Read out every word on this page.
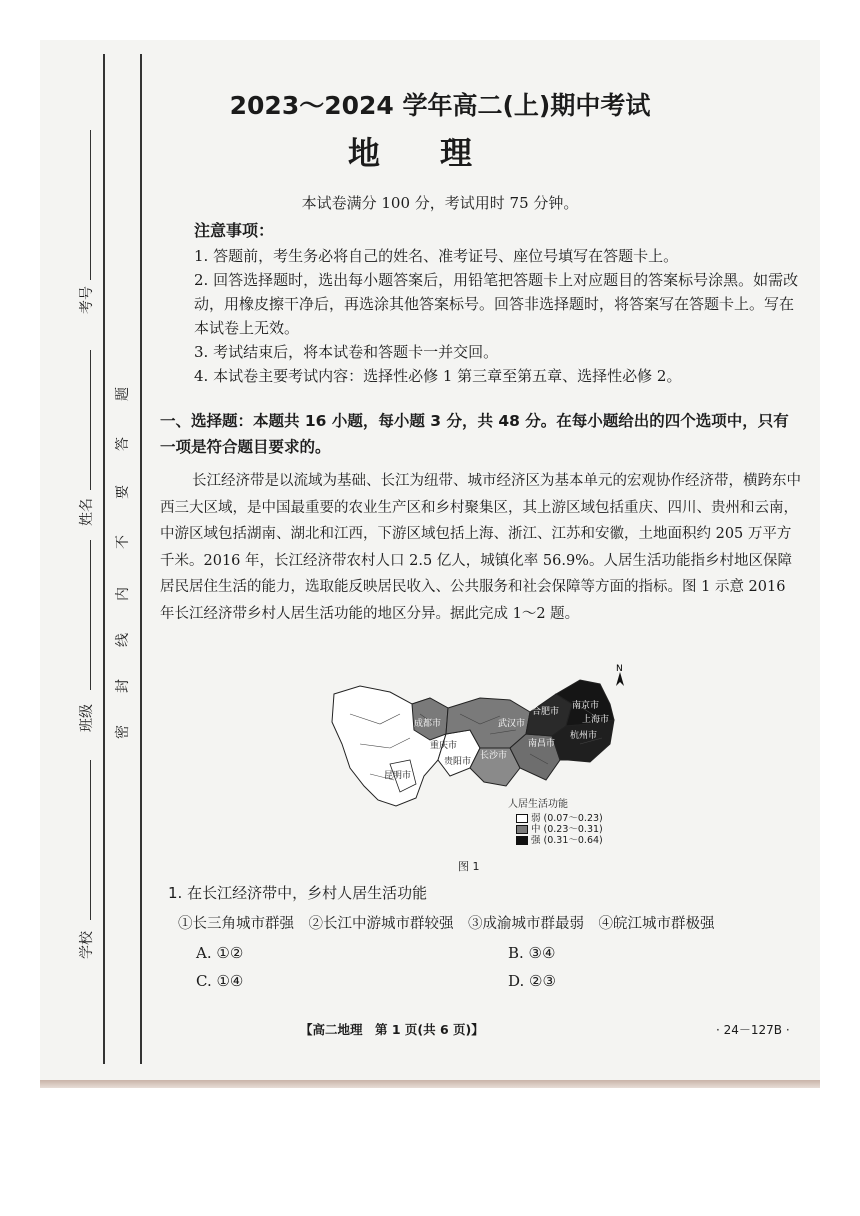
考号
姓名
班级
学校
密
封
线
内
不
要
答
题
2023～2024 学年高二(上)期中考试
地理
本试卷满分 100 分，考试用时 75 分钟。
注意事项：
1. 答题前，考生务必将自己的姓名、准考证号、座位号填写在答题卡上。
2. 回答选择题时，选出每小题答案后，用铅笔把答题卡上对应题目的答案标号涂黑。如需改动，用橡皮擦干净后，再选涂其他答案标号。回答非选择题时，将答案写在答题卡上。写在本试卷上无效。
3. 考试结束后，将本试卷和答题卡一并交回。
4. 本试卷主要考试内容：选择性必修 1 第三章至第五章、选择性必修 2。
一、选择题：本题共 16 小题，每小题 3 分，共 48 分。在每小题给出的四个选项中，只有一项是符合题目要求的。
长江经济带是以流域为基础、长江为纽带、城市经济区为基本单元的宏观协作经济带，横跨东中西三大区域，是中国最重要的农业生产区和乡村聚集区，其上游区域包括重庆、四川、贵州和云南，中游区域包括湖南、湖北和江西，下游区域包括上海、浙江、江苏和安徽，土地面积约 205 万平方千米。2016 年，长江经济带农村人口 2.5 亿人，城镇化率 56.9%。人居生活功能指乡村地区保障居民居住生活的能力，选取能反映居民收入、公共服务和社会保障等方面的指标。图 1 示意 2016 年长江经济带乡村人居生活功能的地区分异。据此完成 1～2 题。
成都市
重庆市
贵阳市
昆明市
武汉市
长沙市
南昌市
合肥市
南京市
上海市
杭州市
N
人居生活功能
弱 (0.07～0.23)
中 (0.23～0.31)
强 (0.31～0.64)
图 1
1. 在长江经济带中，乡村人居生活功能
①长三角城市群强　②长江中游城市群较强　③成渝城市群最弱　④皖江城市群极强
A. ①②	B. ③④
C. ①④	D. ②③
【高二地理　第 1 页(共 6 页)】	· 24－127B ·
